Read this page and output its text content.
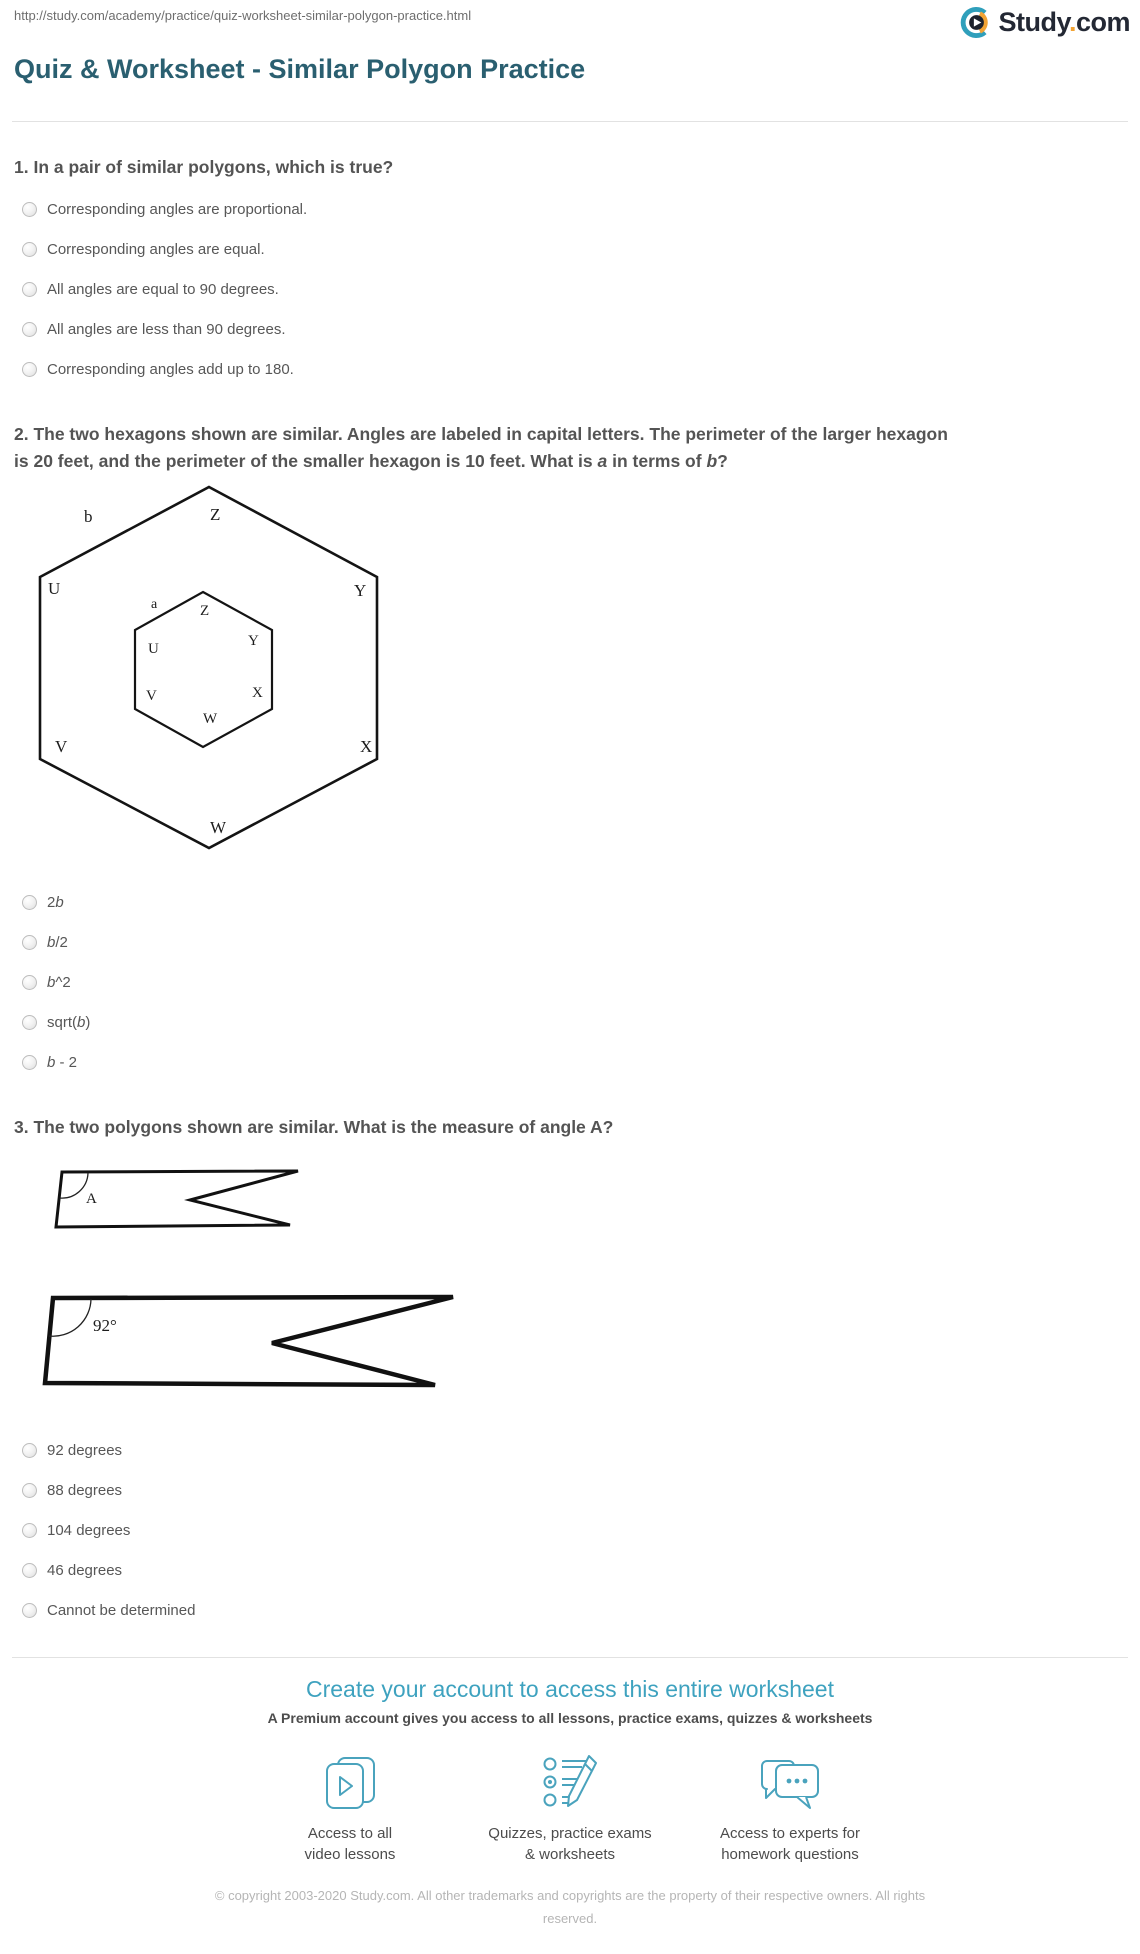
http://study.com/academy/practice/quiz-worksheet-similar-polygon-practice.html	Study.com
Quiz & Worksheet - Similar Polygon Practice
1. In a pair of similar polygons, which is true?
Corresponding angles are proportional.
Corresponding angles are equal.
All angles are equal to 90 degrees.
All angles are less than 90 degrees.
Corresponding angles add up to 180.
2. The two hexagons shown are similar. Angles are labeled in capital letters. The perimeter of the larger hexagon
is 20 feet, and the perimeter of the smaller hexagon is 10 feet. What is a in terms of b?
b	Z
U	Y
V	X
W
a	Z
U	Y
V	X
W
2b
b/2
b^2
sqrt(b)
b - 2
3. The two polygons shown are similar. What is the measure of angle A?
A
92°
92 degrees
88 degrees
104 degrees
46 degrees
Cannot be determined
Create your account to access this entire worksheet
A Premium account gives you access to all lessons, practice exams, quizzes & worksheets
Access to all
video lessons
Quizzes, practice exams
& worksheets
Access to experts for
homework questions
© copyright 2003-2020 Study.com. All other trademarks and copyrights are the property of their respective owners. All rights reserved.
